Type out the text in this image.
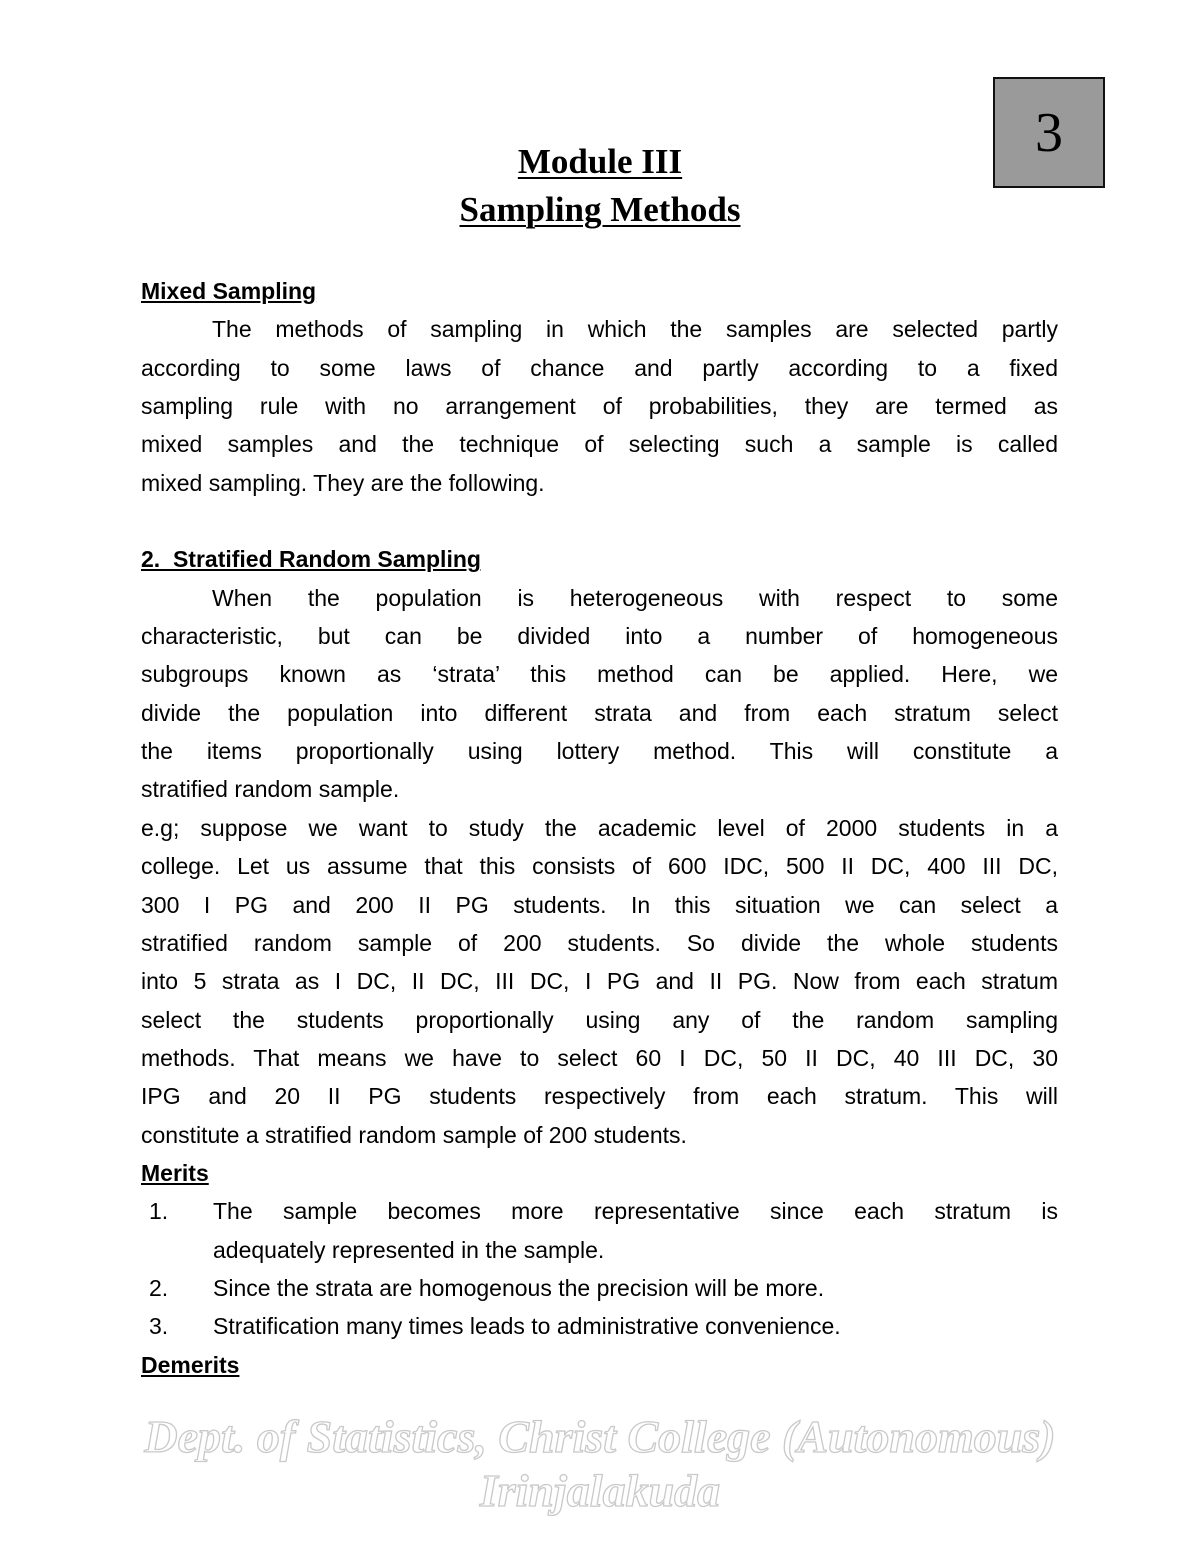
Dept. of Statistics, Christ College (Autonomous) Irinjalakuda
3
Module III
Sampling Methods
Mixed Sampling
The methods of sampling in which the samples are selected partly
according to some laws of chance and partly according to a fixed
sampling rule with no arrangement of probabilities, they are termed as
mixed samples and the technique of selecting such a sample is called
mixed sampling. They are the following.
2.  Stratified Random Sampling
When the population is heterogeneous with respect to some
characteristic, but can be divided into a number of homogeneous
subgroups known as ‘strata’ this method can be applied. Here, we
divide the population into different strata and from each stratum select
the items proportionally using lottery method. This will constitute a
stratified random sample.
e.g; suppose we want to study the academic level of 2000 students in a
college. Let us assume that this consists of 600 IDC, 500 II DC, 400 III DC,
300 I PG and 200 II PG students. In this situation we can select a
stratified random sample of 200 students. So divide the whole students
into 5 strata as I DC, II DC, III DC, I PG and II PG. Now from each stratum
select the students proportionally using any of the random sampling
methods. That means we have to select 60 I DC, 50 II DC, 40 III DC, 30
IPG and 20 II PG students respectively from each stratum. This will
constitute a stratified random sample of 200 students.
Merits
1.	The sample becomes more representative since each stratum is
adequately represented in the sample.
2.	Since the strata are homogenous the precision will be more.
3.	Stratification many times leads to administrative convenience.
Demerits
